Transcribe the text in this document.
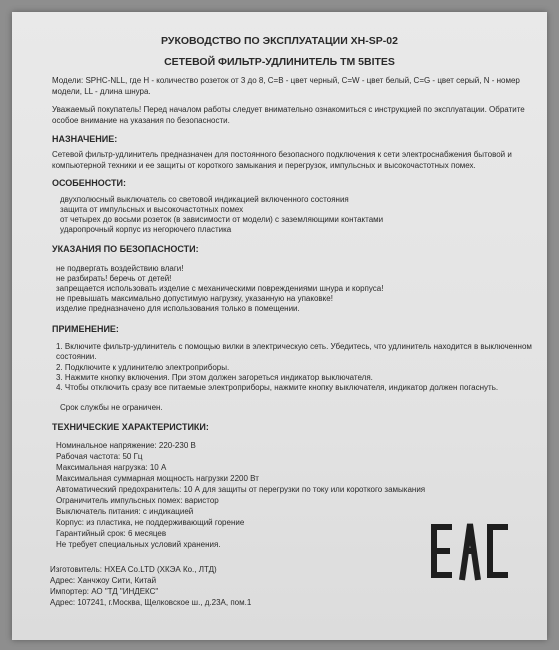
РУКОВОДСТВО ПО ЭКСПЛУАТАЦИИ XH-SP-02
СЕТЕВОЙ ФИЛЬТР-УДЛИНИТЕЛЬ ТМ 5BITES
Модели: SPHC-NLL, где H - количество розеток от 3 до 8, C=B - цвет черный, C=W - цвет белый, C=G - цвет серый, N - номер
модели, LL - длина шнура.
Уважаемый покупатель! Перед началом работы следует внимательно ознакомиться с инструкцией по эксплуатации. Обратите
особое внимание на указания по безопасности.
НАЗНАЧЕНИЕ:
Сетевой фильтр-удлинитель предназначен для постоянного безопасного подключения к сети электроснабжения бытовой и
компьютерной техники и ее защиты от короткого замыкания и перегрузок, импульсных и высокочастотных помех.
ОСОБЕННОСТИ:
двухполюсный выключатель со световой индикацией включенного состояния
защита от импульсных и высокочастотных помех
от четырех до восьми розеток (в зависимости от модели) с заземляющими контактами
ударопрочный корпус из негорючего пластика
УКАЗАНИЯ ПО БЕЗОПАСНОСТИ:
не подвергать воздействию влаги!
не разбирать! беречь от детей!
запрещается использовать изделие с механическими повреждениями шнура и корпуса!
не превышать максимально допустимую нагрузку, указанную на упаковке!
изделие предназначено для использования только в помещении.
ПРИМЕНЕНИЕ:
1. Включите фильтр-удлинитель с помощью вилки в электрическую сеть. Убедитесь, что удлинитель находится в выключенном
состоянии.
2. Подключите к удлинителю электроприборы.
3. Нажмите кнопку включения. При этом должен загореться индикатор выключателя.
4. Чтобы отключить сразу все питаемые электроприборы, нажмите кнопку выключателя, индикатор должен погаснуть.
Срок службы не ограничен.
ТЕХНИЧЕСКИЕ ХАРАКТЕРИСТИКИ:
Номинальное напряжение: 220-230 В
Рабочая частота: 50 Гц
Максимальная нагрузка: 10 А
Максимальная суммарная мощность нагрузки 2200 Вт
Автоматический предохранитель: 10 А для защиты от перегрузки по току или короткого замыкания
Ограничитель импульсных помех: варистор
Выключатель питания: с индикацией
Корпус: из пластика, не поддерживающий горение
Гарантийный срок: 6 месяцев
Не требует специальных условий хранения.
Изготовитель: HXEA Co.LTD (ХКЭА Ко., ЛТД)
Адрес: Ханчжоу Сити, Китай
Импортер: АО "ТД "ИНДЕКС"
Адрес: 107241, г.Москва, Щелковское ш., д.23А, пом.1
